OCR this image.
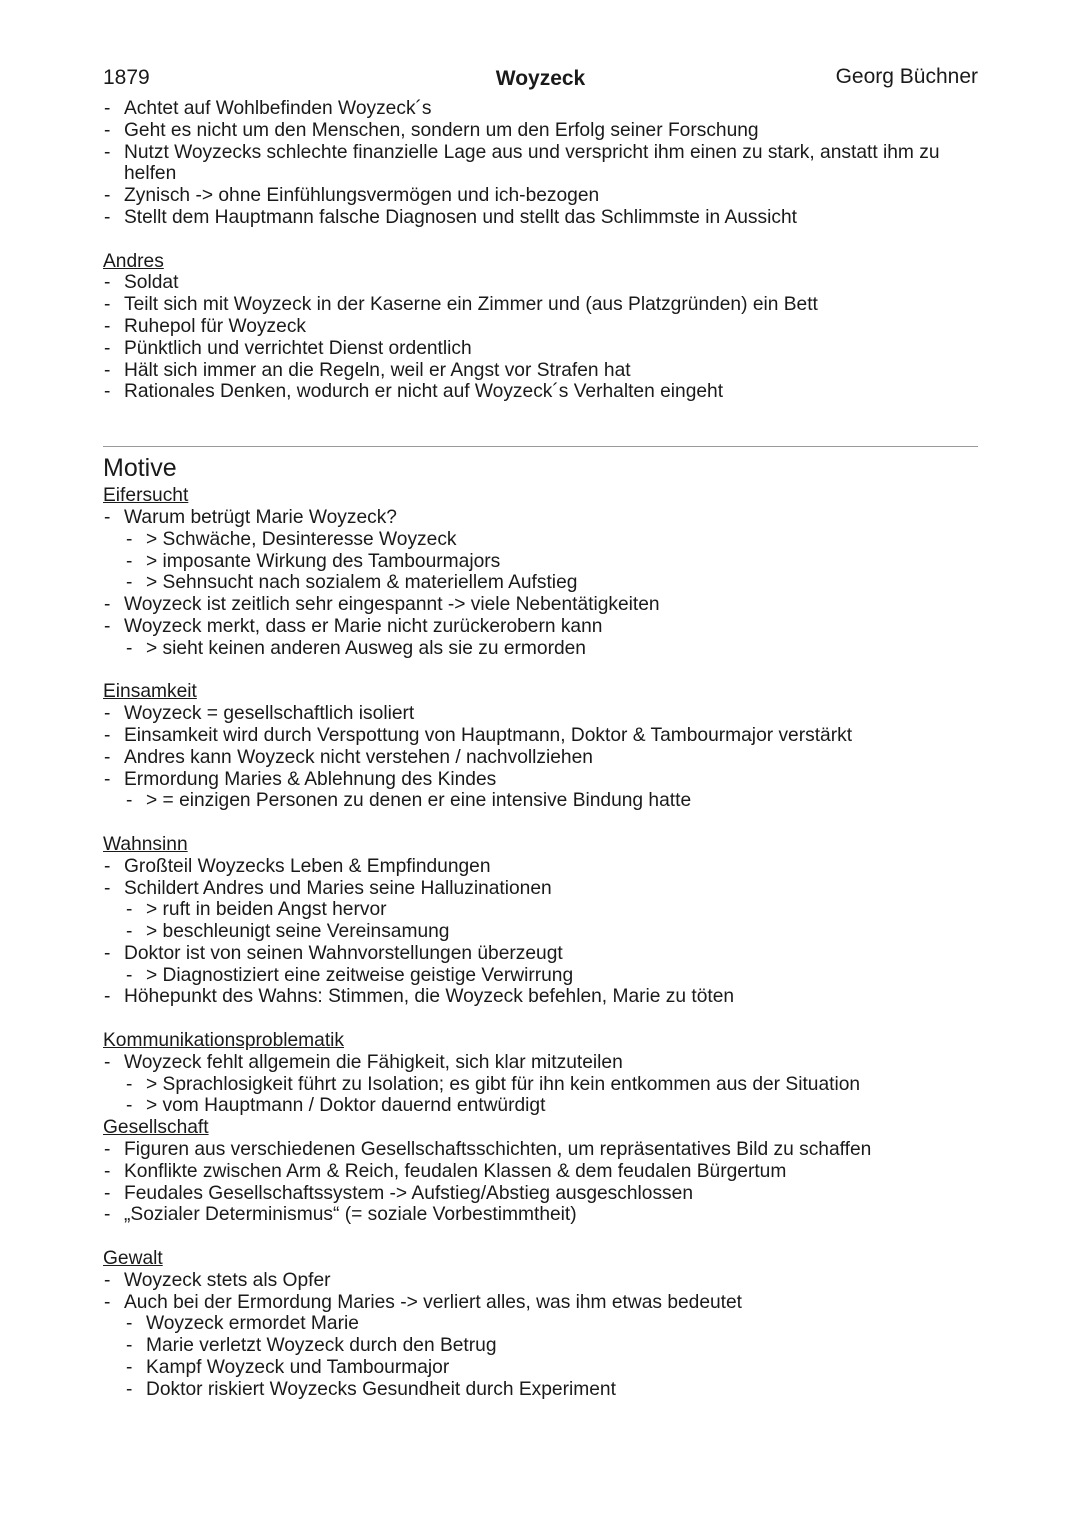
1879	Woyzeck	Georg Büchner
- Achtet auf Wohlbefinden Woyzeck´s
- Geht es nicht um den Menschen, sondern um den Erfolg seiner Forschung
- Nutzt Woyzecks schlechte finanzielle Lage aus und verspricht ihm einen zu stark, anstatt ihm zu
helfen
- Zynisch -> ohne Einfühlungsvermögen und ich-bezogen
- Stellt dem Hauptmann falsche Diagnosen und stellt das Schlimmste in Aussicht
Andres
- Soldat
- Teilt sich mit Woyzeck in der Kaserne ein Zimmer und (aus Platzgründen) ein Bett
- Ruhepol für Woyzeck
- Pünktlich und verrichtet Dienst ordentlich
- Hält sich immer an die Regeln, weil er Angst vor Strafen hat
- Rationales Denken, wodurch er nicht auf Woyzeck´s Verhalten eingeht
Motive
Eifersucht
- Warum betrügt Marie Woyzeck?
- > Schwäche, Desinteresse Woyzeck
- > imposante Wirkung des Tambourmajors
- > Sehnsucht nach sozialem & materiellem Aufstieg
- Woyzeck ist zeitlich sehr eingespannt -> viele Nebentätigkeiten
- Woyzeck merkt, dass er Marie nicht zurückerobern kann
- > sieht keinen anderen Ausweg als sie zu ermorden
Einsamkeit
- Woyzeck = gesellschaftlich isoliert
- Einsamkeit wird durch Verspottung von Hauptmann, Doktor & Tambourmajor verstärkt
- Andres kann Woyzeck nicht verstehen / nachvollziehen
- Ermordung Maries & Ablehnung des Kindes
- > = einzigen Personen zu denen er eine intensive Bindung hatte
Wahnsinn
- Großteil Woyzecks Leben & Empfindungen
- Schildert Andres und Maries seine Halluzinationen
- > ruft in beiden Angst hervor
- > beschleunigt seine Vereinsamung
- Doktor ist von seinen Wahnvorstellungen überzeugt
- > Diagnostiziert eine zeitweise geistige Verwirrung
- Höhepunkt des Wahns: Stimmen, die Woyzeck befehlen, Marie zu töten
Kommunikationsproblematik
- Woyzeck fehlt allgemein die Fähigkeit, sich klar mitzuteilen
- > Sprachlosigkeit führt zu Isolation; es gibt für ihn kein entkommen aus der Situation
- > vom Hauptmann / Doktor dauernd entwürdigt
Gesellschaft
- Figuren aus verschiedenen Gesellschaftsschichten, um repräsentatives Bild zu schaffen
- Konflikte zwischen Arm & Reich, feudalen Klassen & dem feudalen Bürgertum
- Feudales Gesellschaftssystem -> Aufstieg/Abstieg ausgeschlossen
- „Sozialer Determinismus“ (= soziale Vorbestimmtheit)
Gewalt
- Woyzeck stets als Opfer
- Auch bei der Ermordung Maries -> verliert alles, was ihm etwas bedeutet
- Woyzeck ermordet Marie
- Marie verletzt Woyzeck durch den Betrug
- Kampf Woyzeck und Tambourmajor
- Doktor riskiert Woyzecks Gesundheit durch Experiment
